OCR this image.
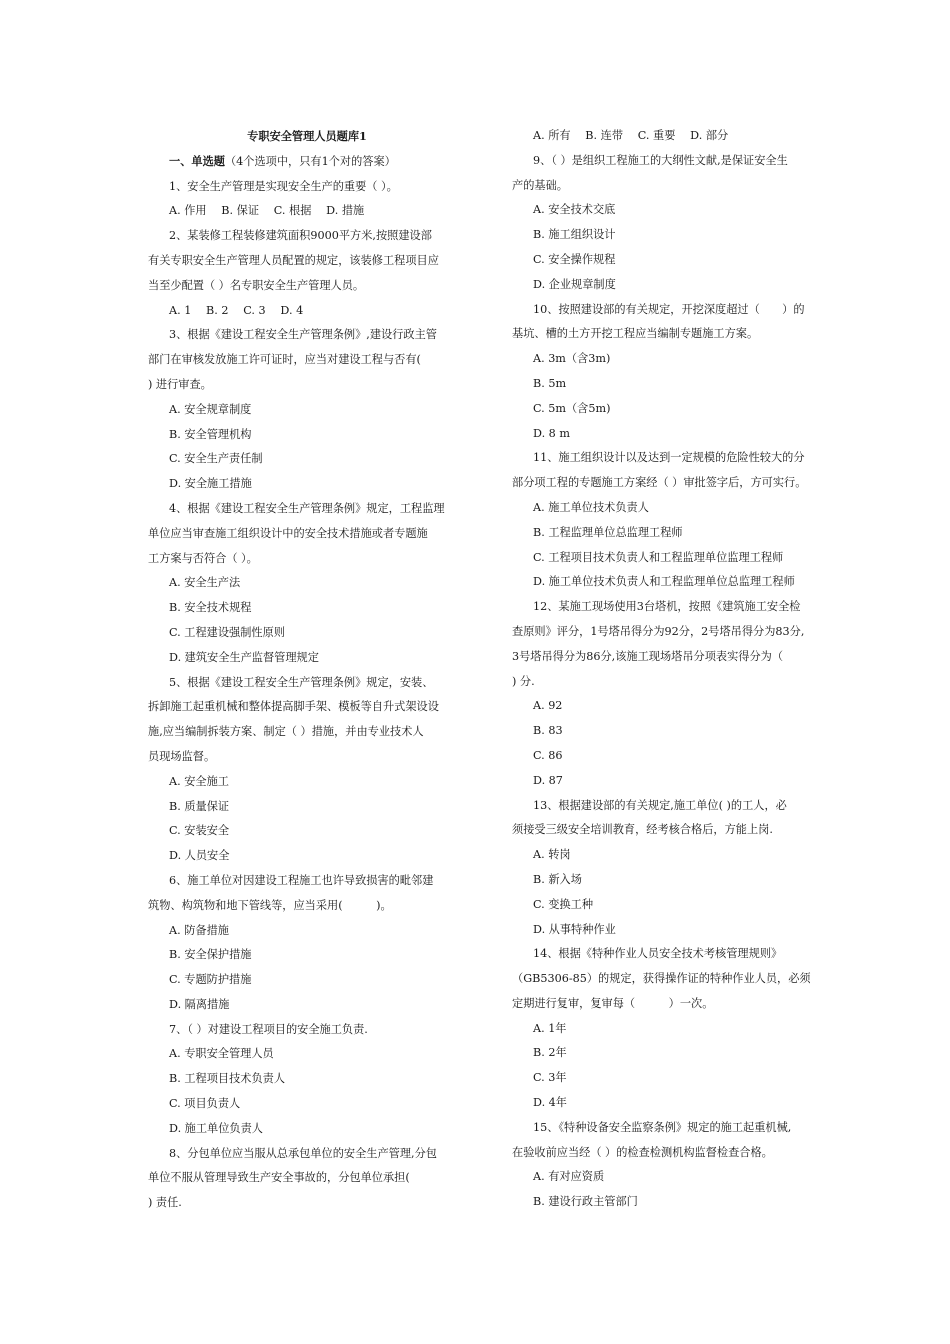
专职安全管理人员题库1
一、单选题（4个选项中，只有1个对的答案）
1、安全生产管理是实现安全生产的重要（ ）。
A. 作用　 B. 保证　 C. 根据　 D. 措施
2、某装修工程装修建筑面积9000平方米,按照建设部
有关专职安全生产管理人员配置的规定，该装修工程项目应
当至少配置（ ）名专职安全生产管理人员。
A. 1　 B. 2　 C. 3　 D. 4
3、根据《建设工程安全生产管理条例》,建设行政主管
部门在审核发放施工许可证时，应当对建设工程与否有(
) 进行审查。
A. 安全规章制度
B. 安全管理机构
C. 安全生产责任制
D. 安全施工措施
4、根据《建设工程安全生产管理条例》规定，工程监理
单位应当审查施工组织设计中的安全技术措施或者专题施
工方案与否符合（ ）。
A. 安全生产法
B. 安全技术规程
C. 工程建设强制性原则
D. 建筑安全生产监督管理规定
5、根据《建设工程安全生产管理条例》规定，安装、
拆卸施工起重机械和整体提高脚手架、模板等自升式架设设
施,应当编制拆装方案、制定（ ）措施，并由专业技术人
员现场监督。
A. 安全施工
B. 质量保证
C. 安装安全
D. 人员安全
6、施工单位对因建设工程施工也许导致损害的毗邻建
筑物、构筑物和地下管线等，应当采用(　　　)。
A. 防备措施
B. 安全保护措施
C. 专题防护措施
D. 隔离措施
7、（ ）对建设工程项目的安全施工负责.
A. 专职安全管理人员
B. 工程项目技术负责人
C. 项目负责人
D. 施工单位负责人
8、分包单位应当服从总承包单位的安全生产管理,分包
单位不服从管理导致生产安全事故的，分包单位承担(
) 责任.
A. 所有　 B. 连带　 C. 重要　 D. 部分
9、（ ）是组织工程施工的大纲性文献,是保证安全生
产的基础。
A. 安全技术交底
B. 施工组织设计
C. 安全操作规程
D. 企业规章制度
10、按照建设部的有关规定，开挖深度超过（　　）的
基坑、槽的土方开挖工程应当编制专题施工方案。
A. 3m（含3m)
B. 5m
C. 5m（含5m)
D. 8 m
11、施工组织设计以及达到一定规模的危险性较大的分
部分项工程的专题施工方案经（ ）审批签字后，方可实行。
A. 施工单位技术负责人
B. 工程监理单位总监理工程师
C. 工程项目技术负责人和工程监理单位监理工程师
D. 施工单位技术负责人和工程监理单位总监理工程师
12、某施工现场使用3台塔机，按照《建筑施工安全检
查原则》评分，1号塔吊得分为92分，2号塔吊得分为83分,
3号塔吊得分为86分,该施工现场塔吊分项表实得分为（
) 分.
A. 92
B. 83
C. 86
D. 87
13、根据建设部的有关规定,施工单位( )的工人，必
须接受三级安全培训教育，经考核合格后，方能上岗.
A. 转岗
B. 新入场
C. 变换工种
D. 从事特种作业
14、根据《特种作业人员安全技术考核管理规则》
（GB5306-85）的规定，获得操作证的特种作业人员，必须
定期进行复审，复审每（　　　）一次。
A. 1年
B. 2年
C. 3年
D. 4年
15、《特种设备安全监察条例》规定的施工起重机械,
在验收前应当经（ ）的检查检测机构监督检查合格。
A. 有对应资质
B. 建设行政主管部门
